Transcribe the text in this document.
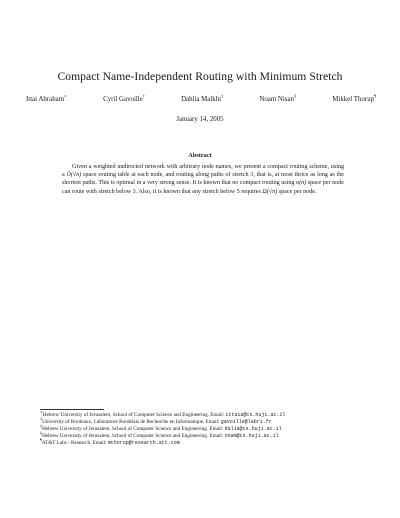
Compact Name-Independent Routing with Minimum Stretch
Ittai Abraham∗	Cyril Gavoille†	Dahlia Malkhi‡	Noam Nisan§	Mikkel Thorup¶
January 14, 2005
Abstract

Given a weighted undirected network with arbitrary node names, we present a compact routing scheme, using a Õ(√n) space routing table at each node, and routing along paths of stretch 3, that is, at most thrice as long as the shortest paths. This is optimal in a very strong sense. It is known that no compact routing using o(n) space per node can route with stretch below 3. Also, it is known that any stretch below 5 requires Ω(√n) space per node.

∗Hebrew University of Jerusalem, School of Computer Science and Engineering. Email: ittaia@cs.huji.ac.il
†University of Bordeaux, Laboratoire Bordelais de Recherche en Informatique. Email: gavoille@labri.fr
‡Hebrew University of Jerusalem, School of Computer Science and Engineering. Email: dalia@cs.huji.ac.il
§Hebrew University of Jerusalem, School of Computer Science and Engineering. Email: noam@cs.huji.ac.il
¶AT&T Labs - Research. Email: mthorup@research.att.com
